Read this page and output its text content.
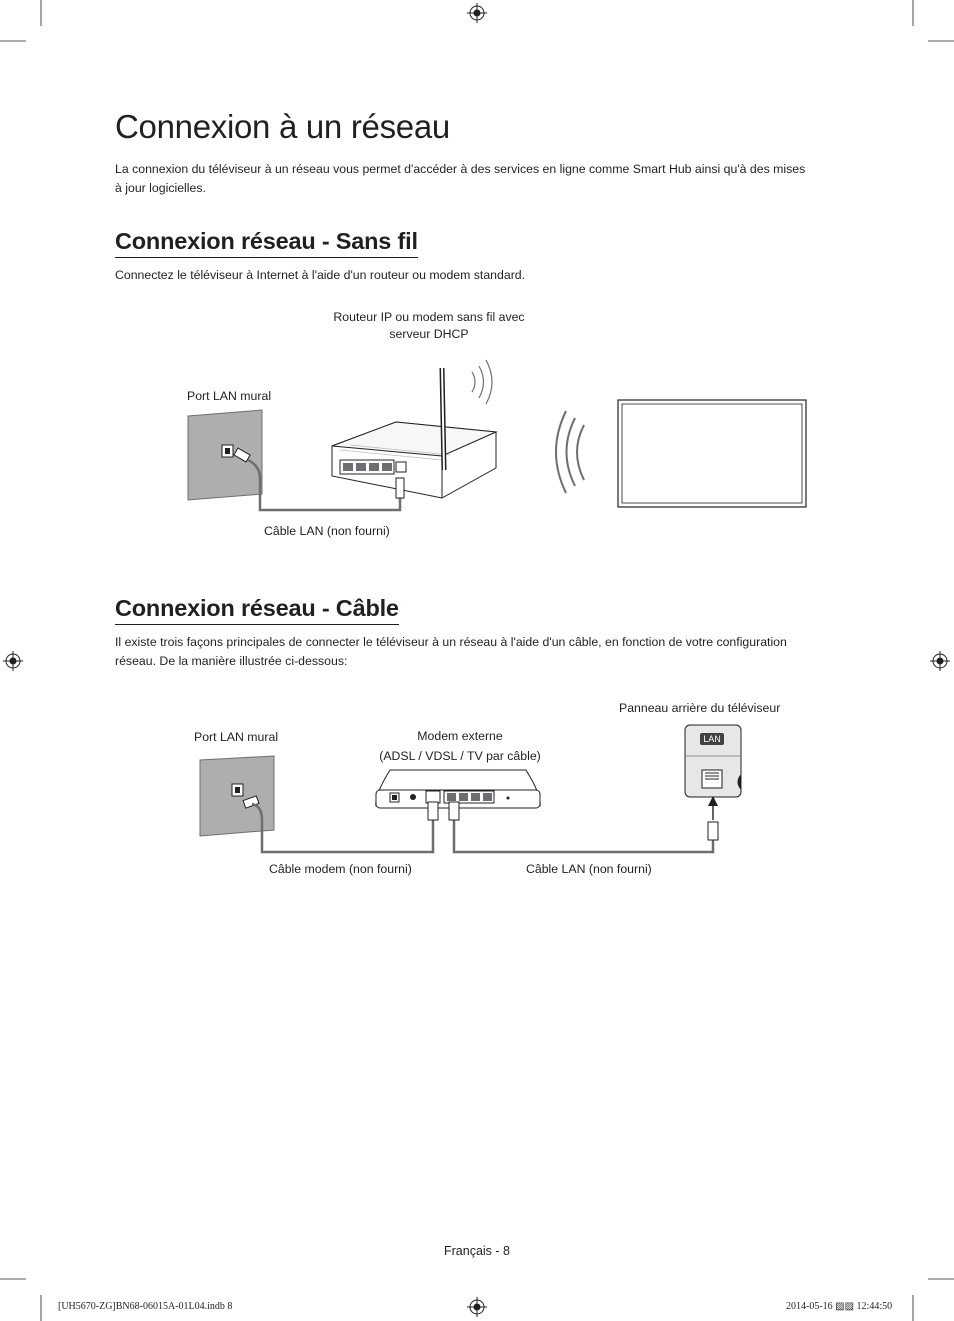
Connexion à un réseau
La connexion du téléviseur à un réseau vous permet d'accéder à des services en ligne comme Smart Hub ainsi qu'à des mises à jour logicielles.
Connexion réseau - Sans fil
Connectez le téléviseur à Internet à l'aide d'un routeur ou modem standard.
Routeur IP ou modem sans fil avec
serveur DHCP
Port LAN mural
Câble LAN (non fourni)
Connexion réseau - Câble
Il existe trois façons principales de connecter le téléviseur à un réseau à l'aide d'un câble, en fonction de votre configuration réseau. De la manière illustrée ci-dessous:
Panneau arrière du téléviseur
Port LAN mural	Modem externe
(ADSL / VDSL / TV par câble)
Câble modem (non fourni)	Câble LAN (non fourni)
LAN
Français - 8
[UH5670-ZG]BN68-06015A-01L04.indb 8	2014-05-16 ▨▨ 12:44:50
